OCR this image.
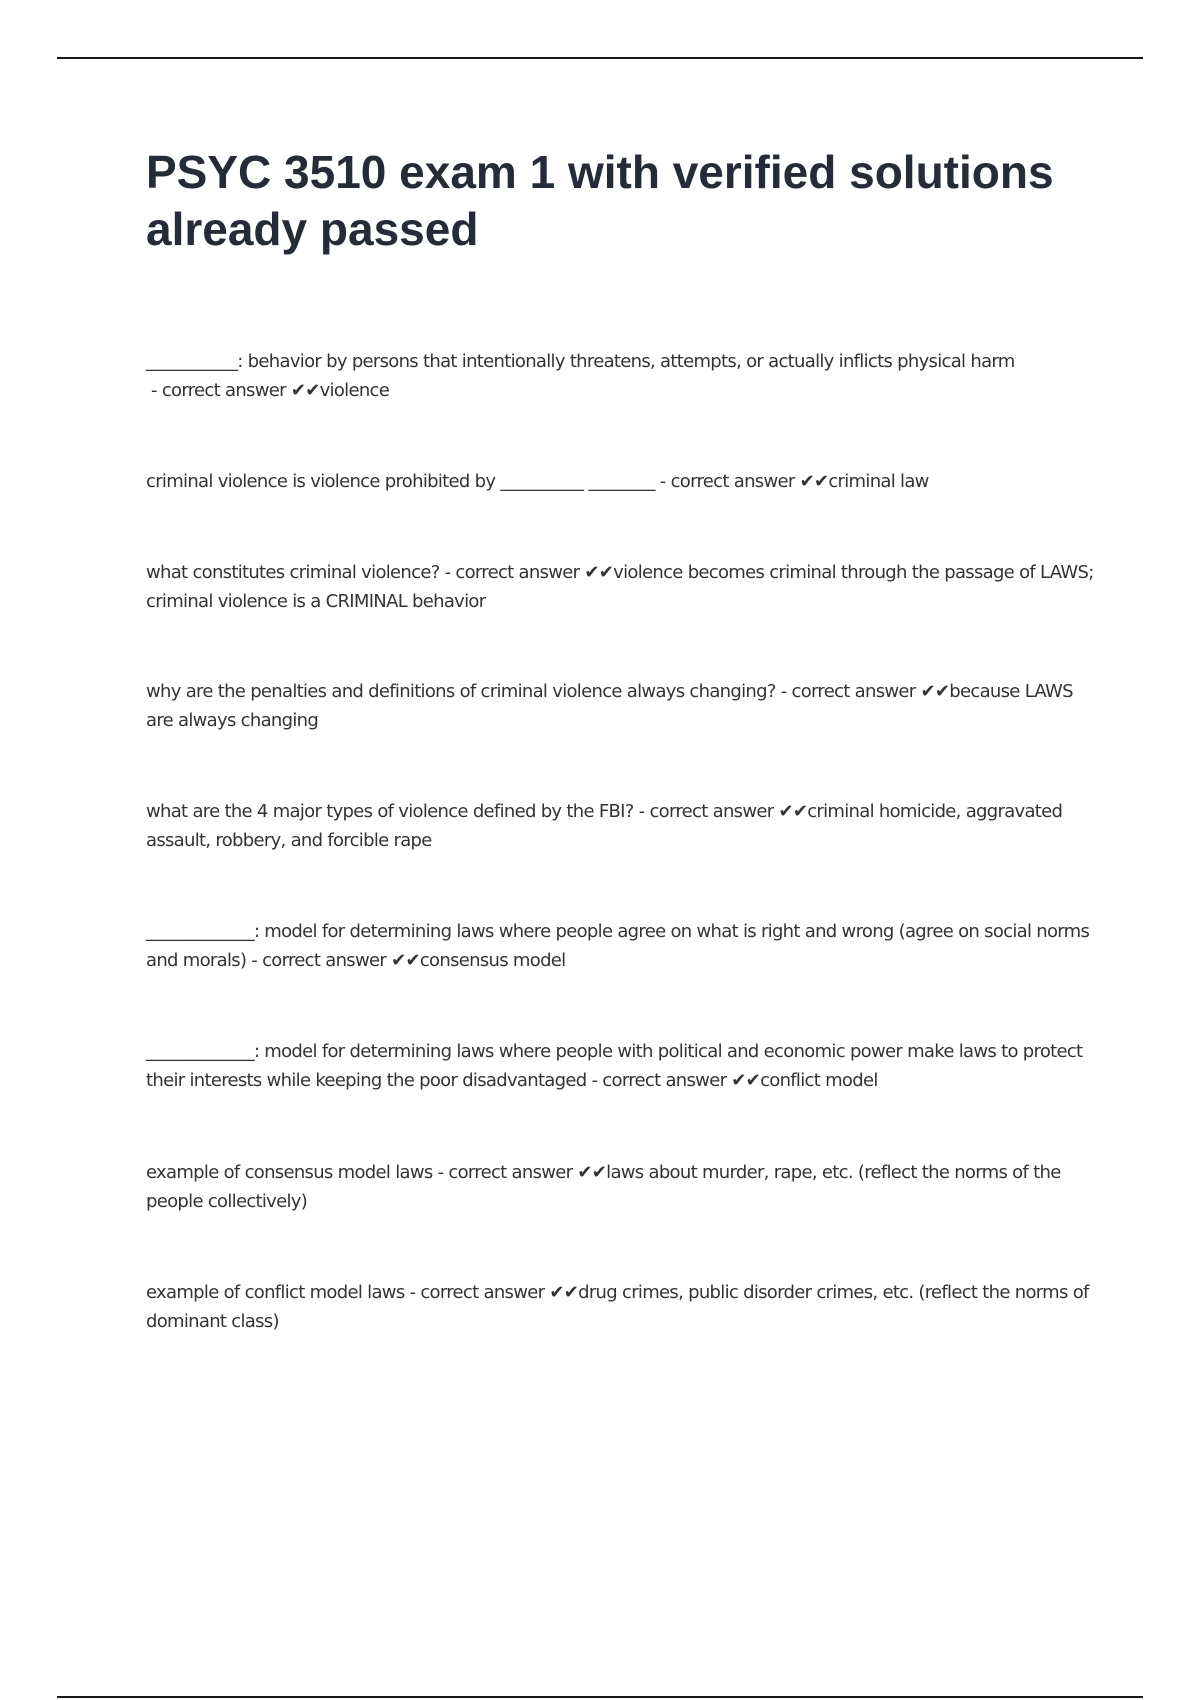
PSYC 3510 exam 1 with verified solutions already passed

___________: behavior by persons that intentionally threatens, attempts, or actually inflicts physical harm - correct answer ✔✔violence

criminal violence is violence prohibited by __________ ________ - correct answer ✔✔criminal law

what constitutes criminal violence? - correct answer ✔✔violence becomes criminal through the passage of LAWS; criminal violence is a CRIMINAL behavior

why are the penalties and definitions of criminal violence always changing? - correct answer ✔✔because LAWS are always changing

what are the 4 major types of violence defined by the FBI? - correct answer ✔✔criminal homicide, aggravated assault, robbery, and forcible rape

_____________: model for determining laws where people agree on what is right and wrong (agree on social norms and morals) - correct answer ✔✔consensus model

_____________: model for determining laws where people with political and economic power make laws to protect their interests while keeping the poor disadvantaged - correct answer ✔✔conflict model

example of consensus model laws - correct answer ✔✔laws about murder, rape, etc. (reflect the norms of the people collectively)

example of conflict model laws - correct answer ✔✔drug crimes, public disorder crimes, etc. (reflect the norms of dominant class)
